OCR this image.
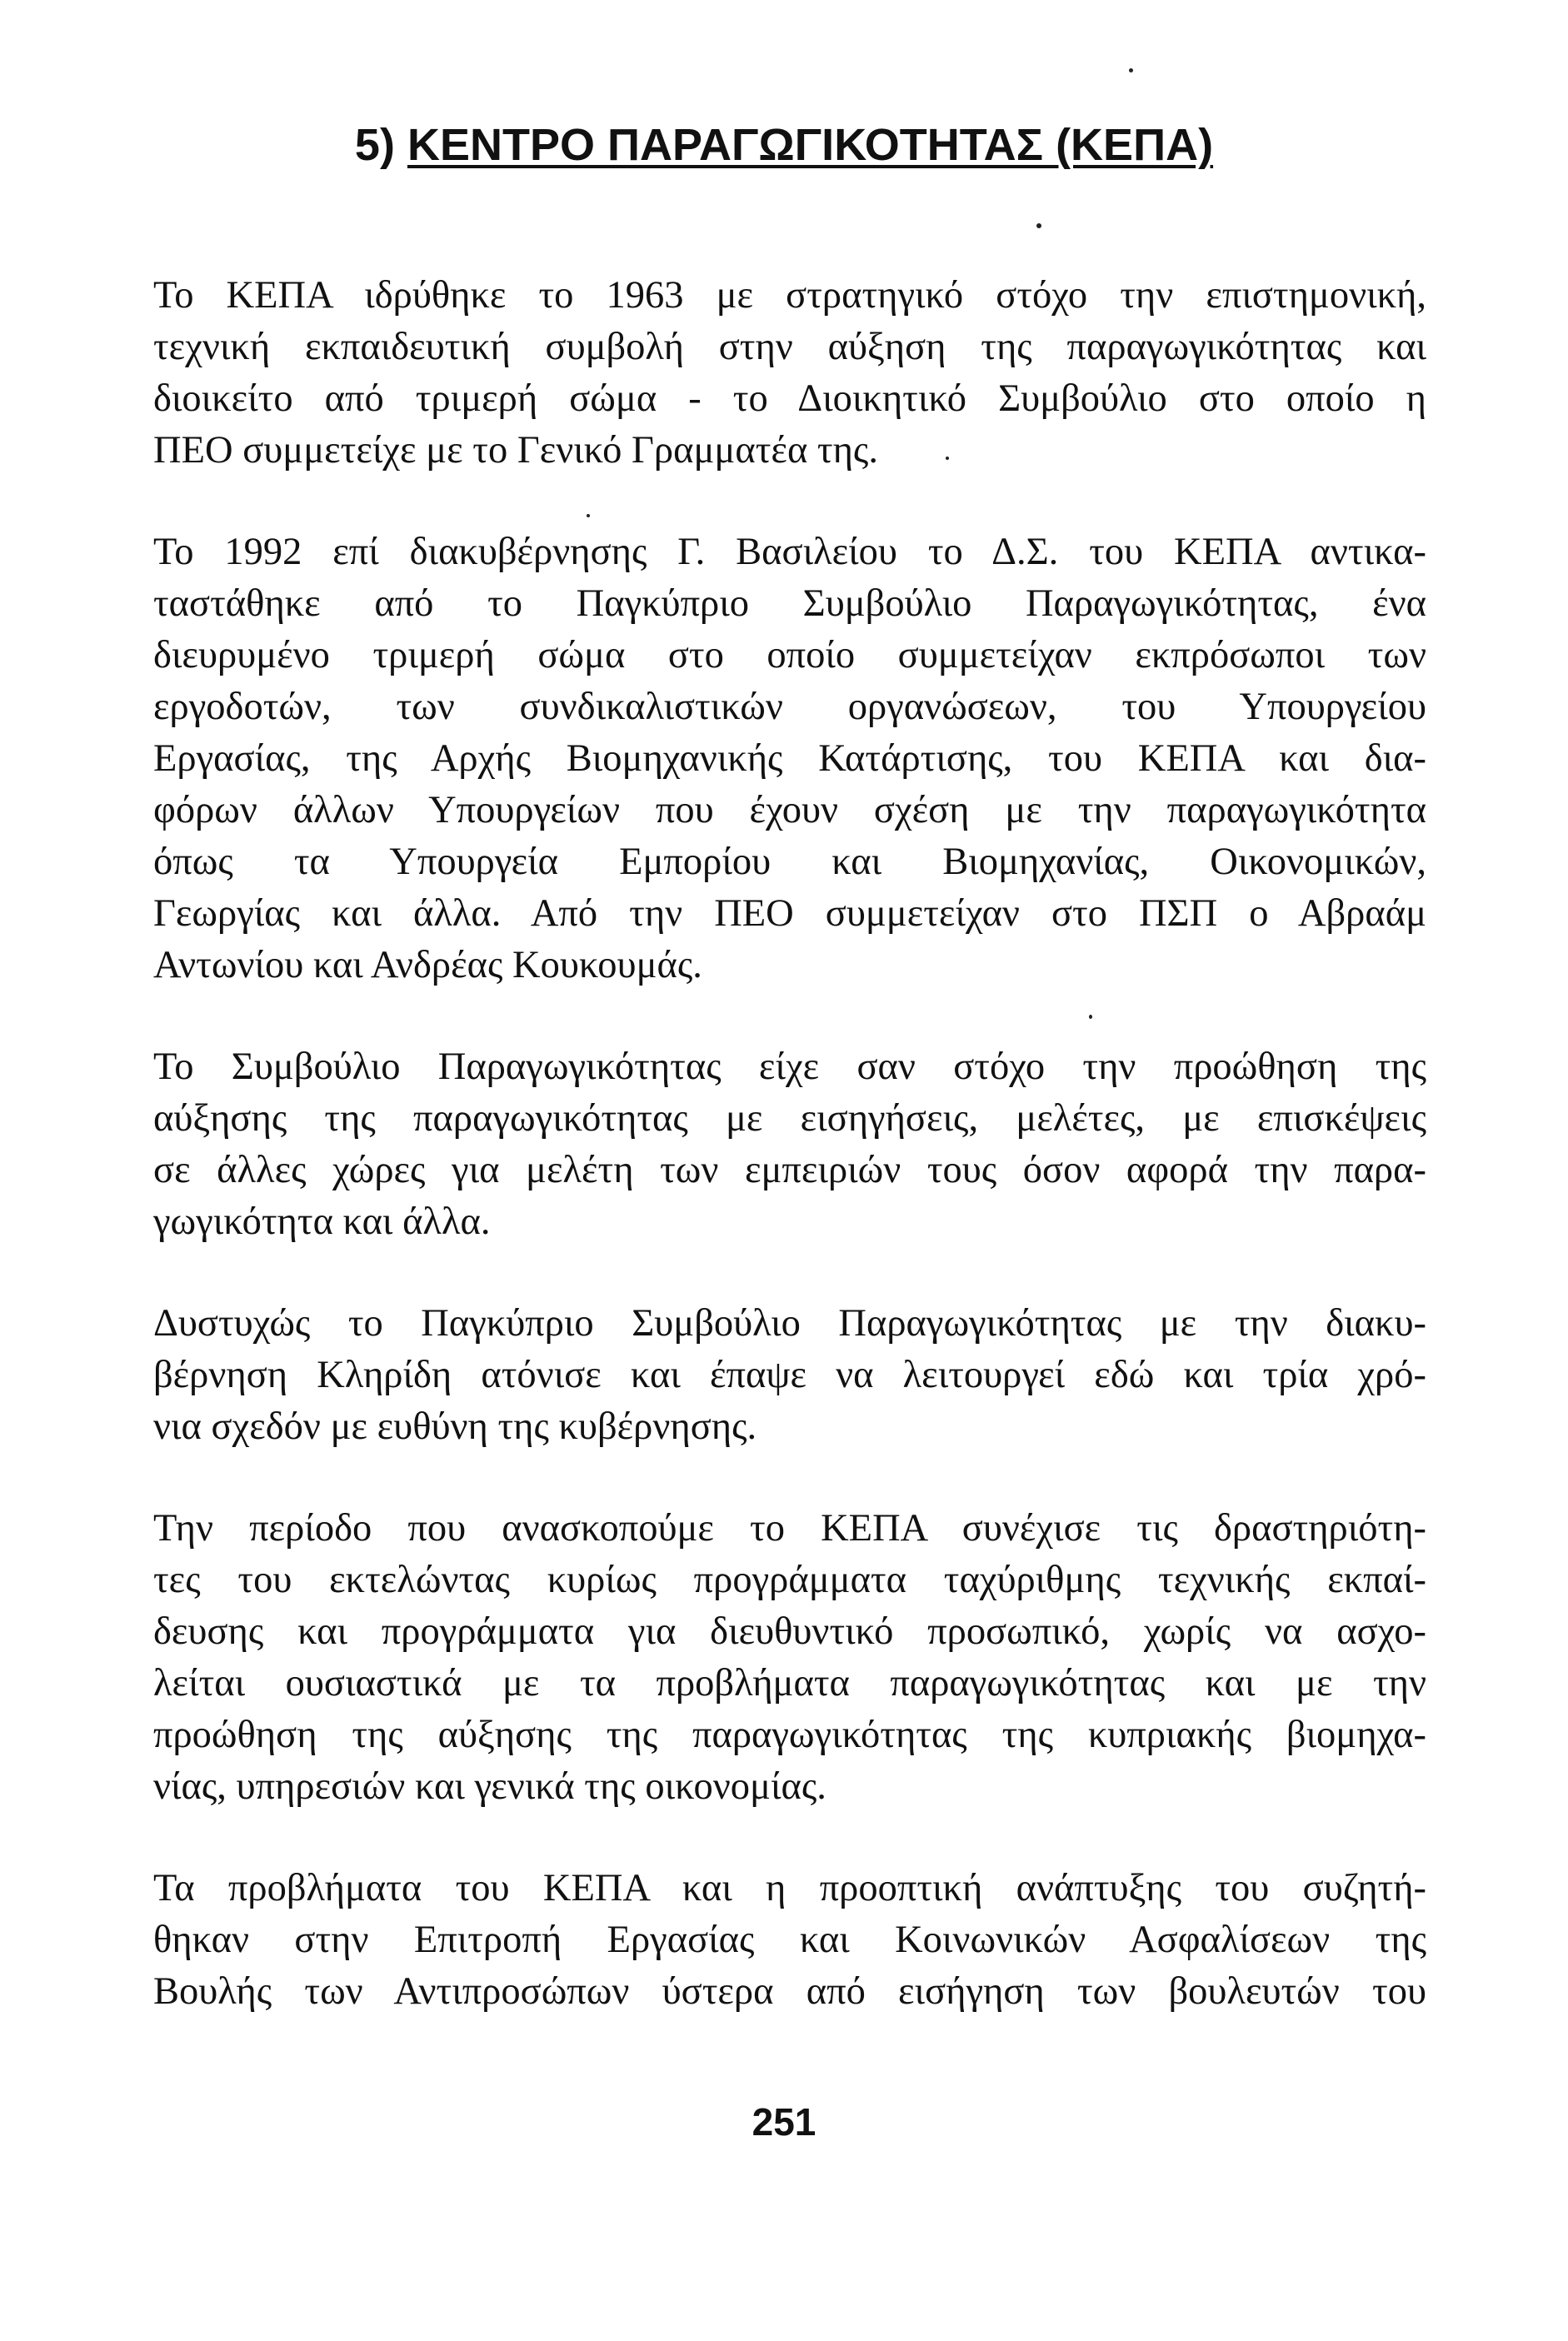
5) ΚΕΝΤΡΟ ΠΑΡΑΓΩΓΙΚΟΤΗΤΑΣ (ΚΕΠΑ)
Το ΚΕΠΑ ιδρύθηκε το 1963 με στρατηγικό στόχο την επιστημονική,
τεχνική εκπαιδευτική συμβολή στην αύξηση της παραγωγικότητας και
διοικείτο από τριμερή σώμα - το Διοικητικό Συμβούλιο στο οποίο η
ΠΕΟ συμμετείχε με το Γενικό Γραμματέα της.
Το 1992 επί διακυβέρνησης Γ. Βασιλείου το Δ.Σ. του ΚΕΠΑ αντικα-
ταστάθηκε από το Παγκύπριο Συμβούλιο Παραγωγικότητας, ένα
διευρυμένο τριμερή σώμα στο οποίο συμμετείχαν εκπρόσωποι των
εργοδοτών, των συνδικαλιστικών οργανώσεων, του Υπουργείου
Εργασίας, της Αρχής Βιομηχανικής Κατάρτισης, του ΚΕΠΑ και δια-
φόρων άλλων Υπουργείων που έχουν σχέση με την παραγωγικότητα
όπως τα Υπουργεία Εμπορίου και Βιομηχανίας, Οικονομικών,
Γεωργίας και άλλα. Από την ΠΕΟ συμμετείχαν στο ΠΣΠ ο Αβραάμ
Αντωνίου και Ανδρέας Κουκουμάς.
Το Συμβούλιο Παραγωγικότητας είχε σαν στόχο την προώθηση της
αύξησης της παραγωγικότητας με εισηγήσεις, μελέτες, με επισκέψεις
σε άλλες χώρες για μελέτη των εμπειριών τους όσον αφορά την παρα-
γωγικότητα και άλλα.
Δυστυχώς το Παγκύπριο Συμβούλιο Παραγωγικότητας με την διακυ-
βέρνηση Κληρίδη ατόνισε και έπαψε να λειτουργεί εδώ και τρία χρό-
νια σχεδόν με ευθύνη της κυβέρνησης.
Την περίοδο που ανασκοπούμε το ΚΕΠΑ συνέχισε τις δραστηριότη-
τες του εκτελώντας κυρίως προγράμματα ταχύριθμης τεχνικής εκπαί-
δευσης και προγράμματα για διευθυντικό προσωπικό, χωρίς να ασχο-
λείται ουσιαστικά με τα προβλήματα παραγωγικότητας και με την
προώθηση της αύξησης της παραγωγικότητας της κυπριακής βιομηχα-
νίας, υπηρεσιών και γενικά της οικονομίας.
Τα προβλήματα του ΚΕΠΑ και η προοπτική ανάπτυξης του συζητή-
θηκαν στην Επιτροπή Εργασίας και Κοινωνικών Ασφαλίσεων της
Βουλής των Αντιπροσώπων ύστερα από εισήγηση των βουλευτών του
251
